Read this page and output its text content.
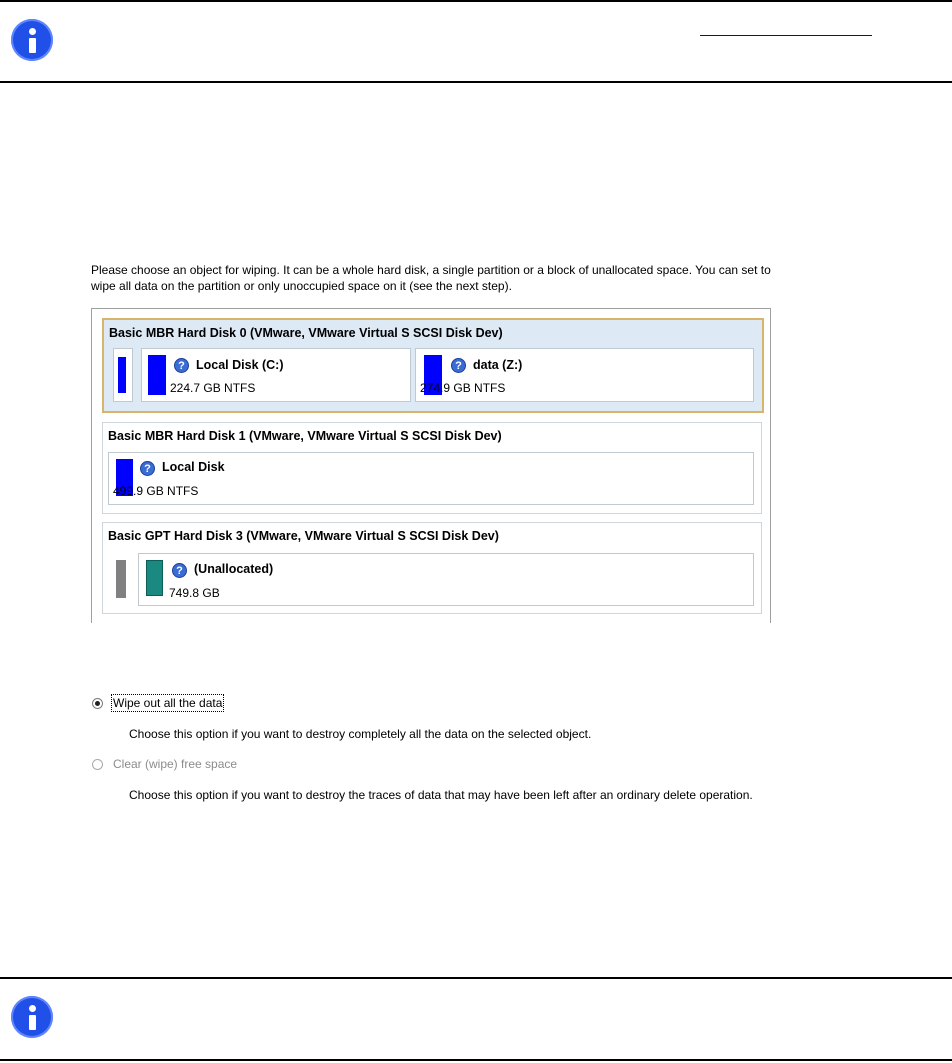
Please choose an object for wiping. It can be a whole hard disk, a single partition or a block of unallocated space. You can set to wipe all data on the partition or only unoccupied space on it (see the next step).
Basic MBR Hard Disk 0 (VMware, VMware Virtual S SCSI Disk Dev)
? Local Disk (C:)
224.7 GB NTFS
? data (Z:)
274.9 GB NTFS
Basic MBR Hard Disk 1 (VMware, VMware Virtual S SCSI Disk Dev)
? Local Disk
499.9 GB NTFS
Basic GPT Hard Disk 3 (VMware, VMware Virtual S SCSI Disk Dev)
? (Unallocated)
749.8 GB
Wipe out all the data
Choose this option if you want to destroy completely all the data on the selected object.
Clear (wipe) free space
Choose this option if you want to destroy the traces of data that may have been left after an ordinary delete operation.
